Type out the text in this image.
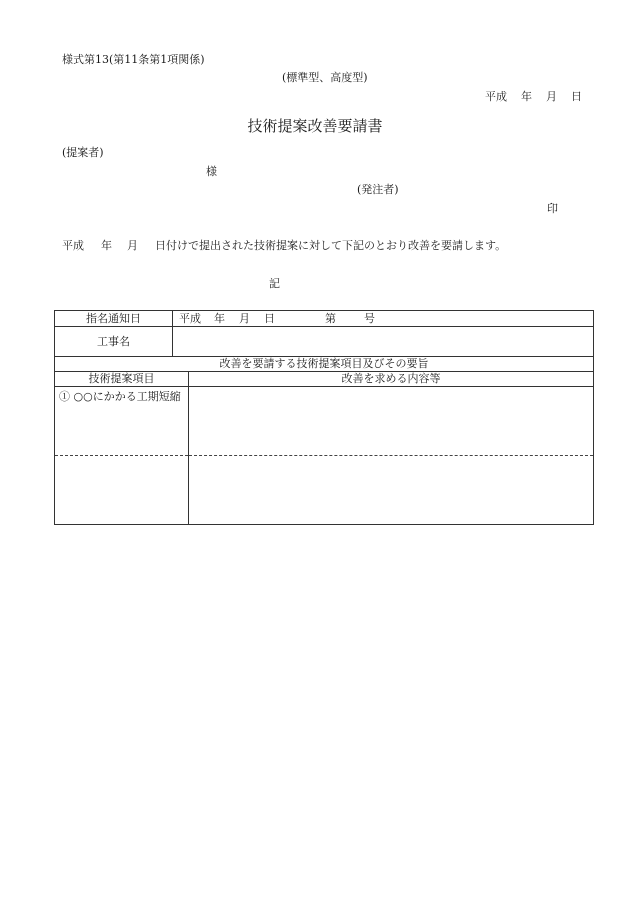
様式第13(第11条第1項関係)
(標準型、高度型)
平成 年 月 日
技術提案改善要請書
(提案者)
様
(発注者)
印
平成 年 月 日付けで提出された技術提案に対して下記のとおり改善を要請します。
記
指名通知日	平成 年 月 日 第 号	
工事名		
改善を要請する技術提案項目及びその要旨		
技術提案項目		改善を求める内容等

① ○○にかかる工期短縮		
